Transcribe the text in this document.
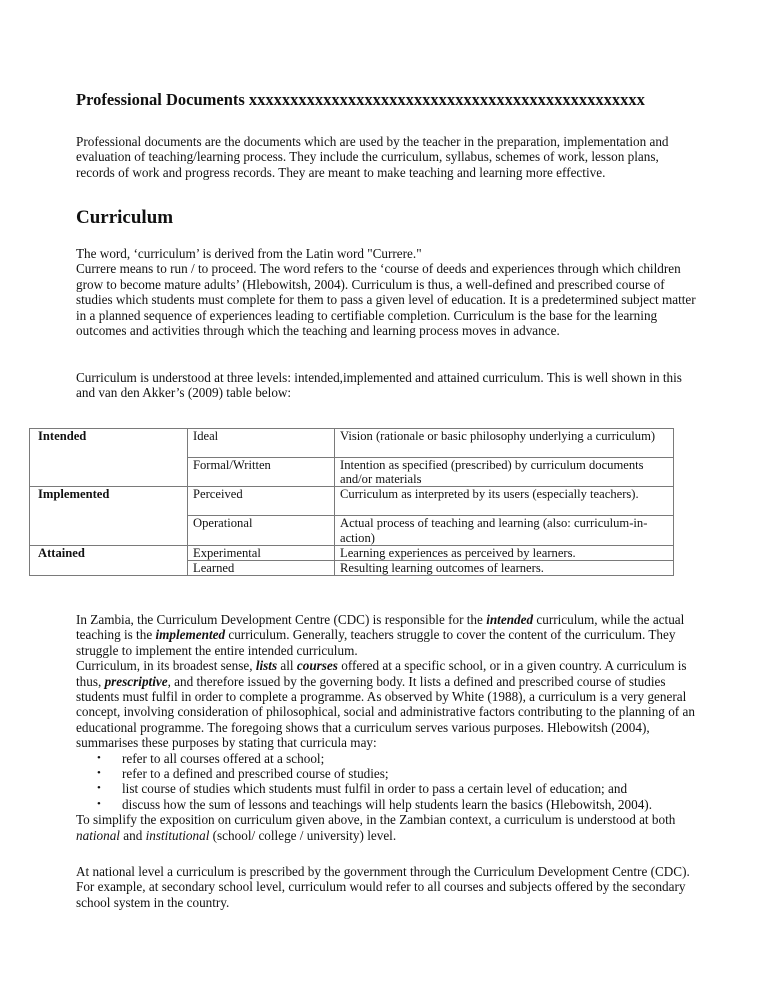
Professional Documents xxxxxxxxxxxxxxxxxxxxxxxxxxxxxxxxxxxxxxxxxxxxxxxx

Professional documents are the documents which are used by the teacher in the preparation, implementation and evaluation of teaching/learning process. They include the curriculum, syllabus, schemes of work, lesson plans, records of work and progress records. They are meant to make teaching and learning more effective.

Curriculum

The word, ‘curriculum’ is derived from the Latin word "Currere."

Currere means to run / to proceed. The word refers to the ‘course of deeds and experiences through which children grow to become mature adults’ (Hlebowitsh, 2004). Curriculum is thus, a well-defined and prescribed course of studies which students must complete for them to pass a given level of education. It is a predetermined subject matter in a planned sequence of experiences leading to certifiable completion. Curriculum is the base for the learning outcomes and activities through which the teaching and learning process moves in advance.

Curriculum is understood at three levels: intended,implemented and attained curriculum. This is well shown in this and van den Akker’s (2009) table below:

Intended	Ideal	Vision (rationale or basic philosophy underlying a curriculum)
	Formal/Written	Intention as specified (prescribed) by curriculum documents and/or materials
Implemented	Perceived	Curriculum as interpreted by its users (especially teachers).
	Operational	Actual process of teaching and learning (also: curriculum-in- action)
Attained	Experimental	Learning experiences as perceived by learners.
	Learned	Resulting learning outcomes of learners.

In Zambia, the Curriculum Development Centre (CDC) is responsible for the intended curriculum, while the actual teaching is the implemented curriculum. Generally, teachers struggle to cover the content of the curriculum. They struggle to implement the entire intended curriculum.

Curriculum, in its broadest sense, lists all courses offered at a specific school, or in a given country. A curriculum is thus, prescriptive, and therefore issued by the governing body. It lists a defined and prescribed course of studies students must fulfil in order to complete a programme. As observed by White (1988), a curriculum is a very general concept, involving consideration of philosophical, social and administrative factors contributing to the planning of an educational programme. The foregoing shows that a curriculum serves various purposes. Hlebowitsh (2004), summarises these purposes by stating that curricula may:

• refer to all courses offered at a school;
• refer to a defined and prescribed course of studies;
• list course of studies which students must fulfil in order to pass a certain level of education; and
• discuss how the sum of lessons and teachings will help students learn the basics (Hlebowitsh, 2004).

To simplify the exposition on curriculum given above, in the Zambian context, a curriculum is understood at both national and institutional (school/ college / university) level.

At national level a curriculum is prescribed by the government through the Curriculum Development Centre (CDC). For example, at secondary school level, curriculum would refer to all courses and subjects offered by the secondary school system in the country.
